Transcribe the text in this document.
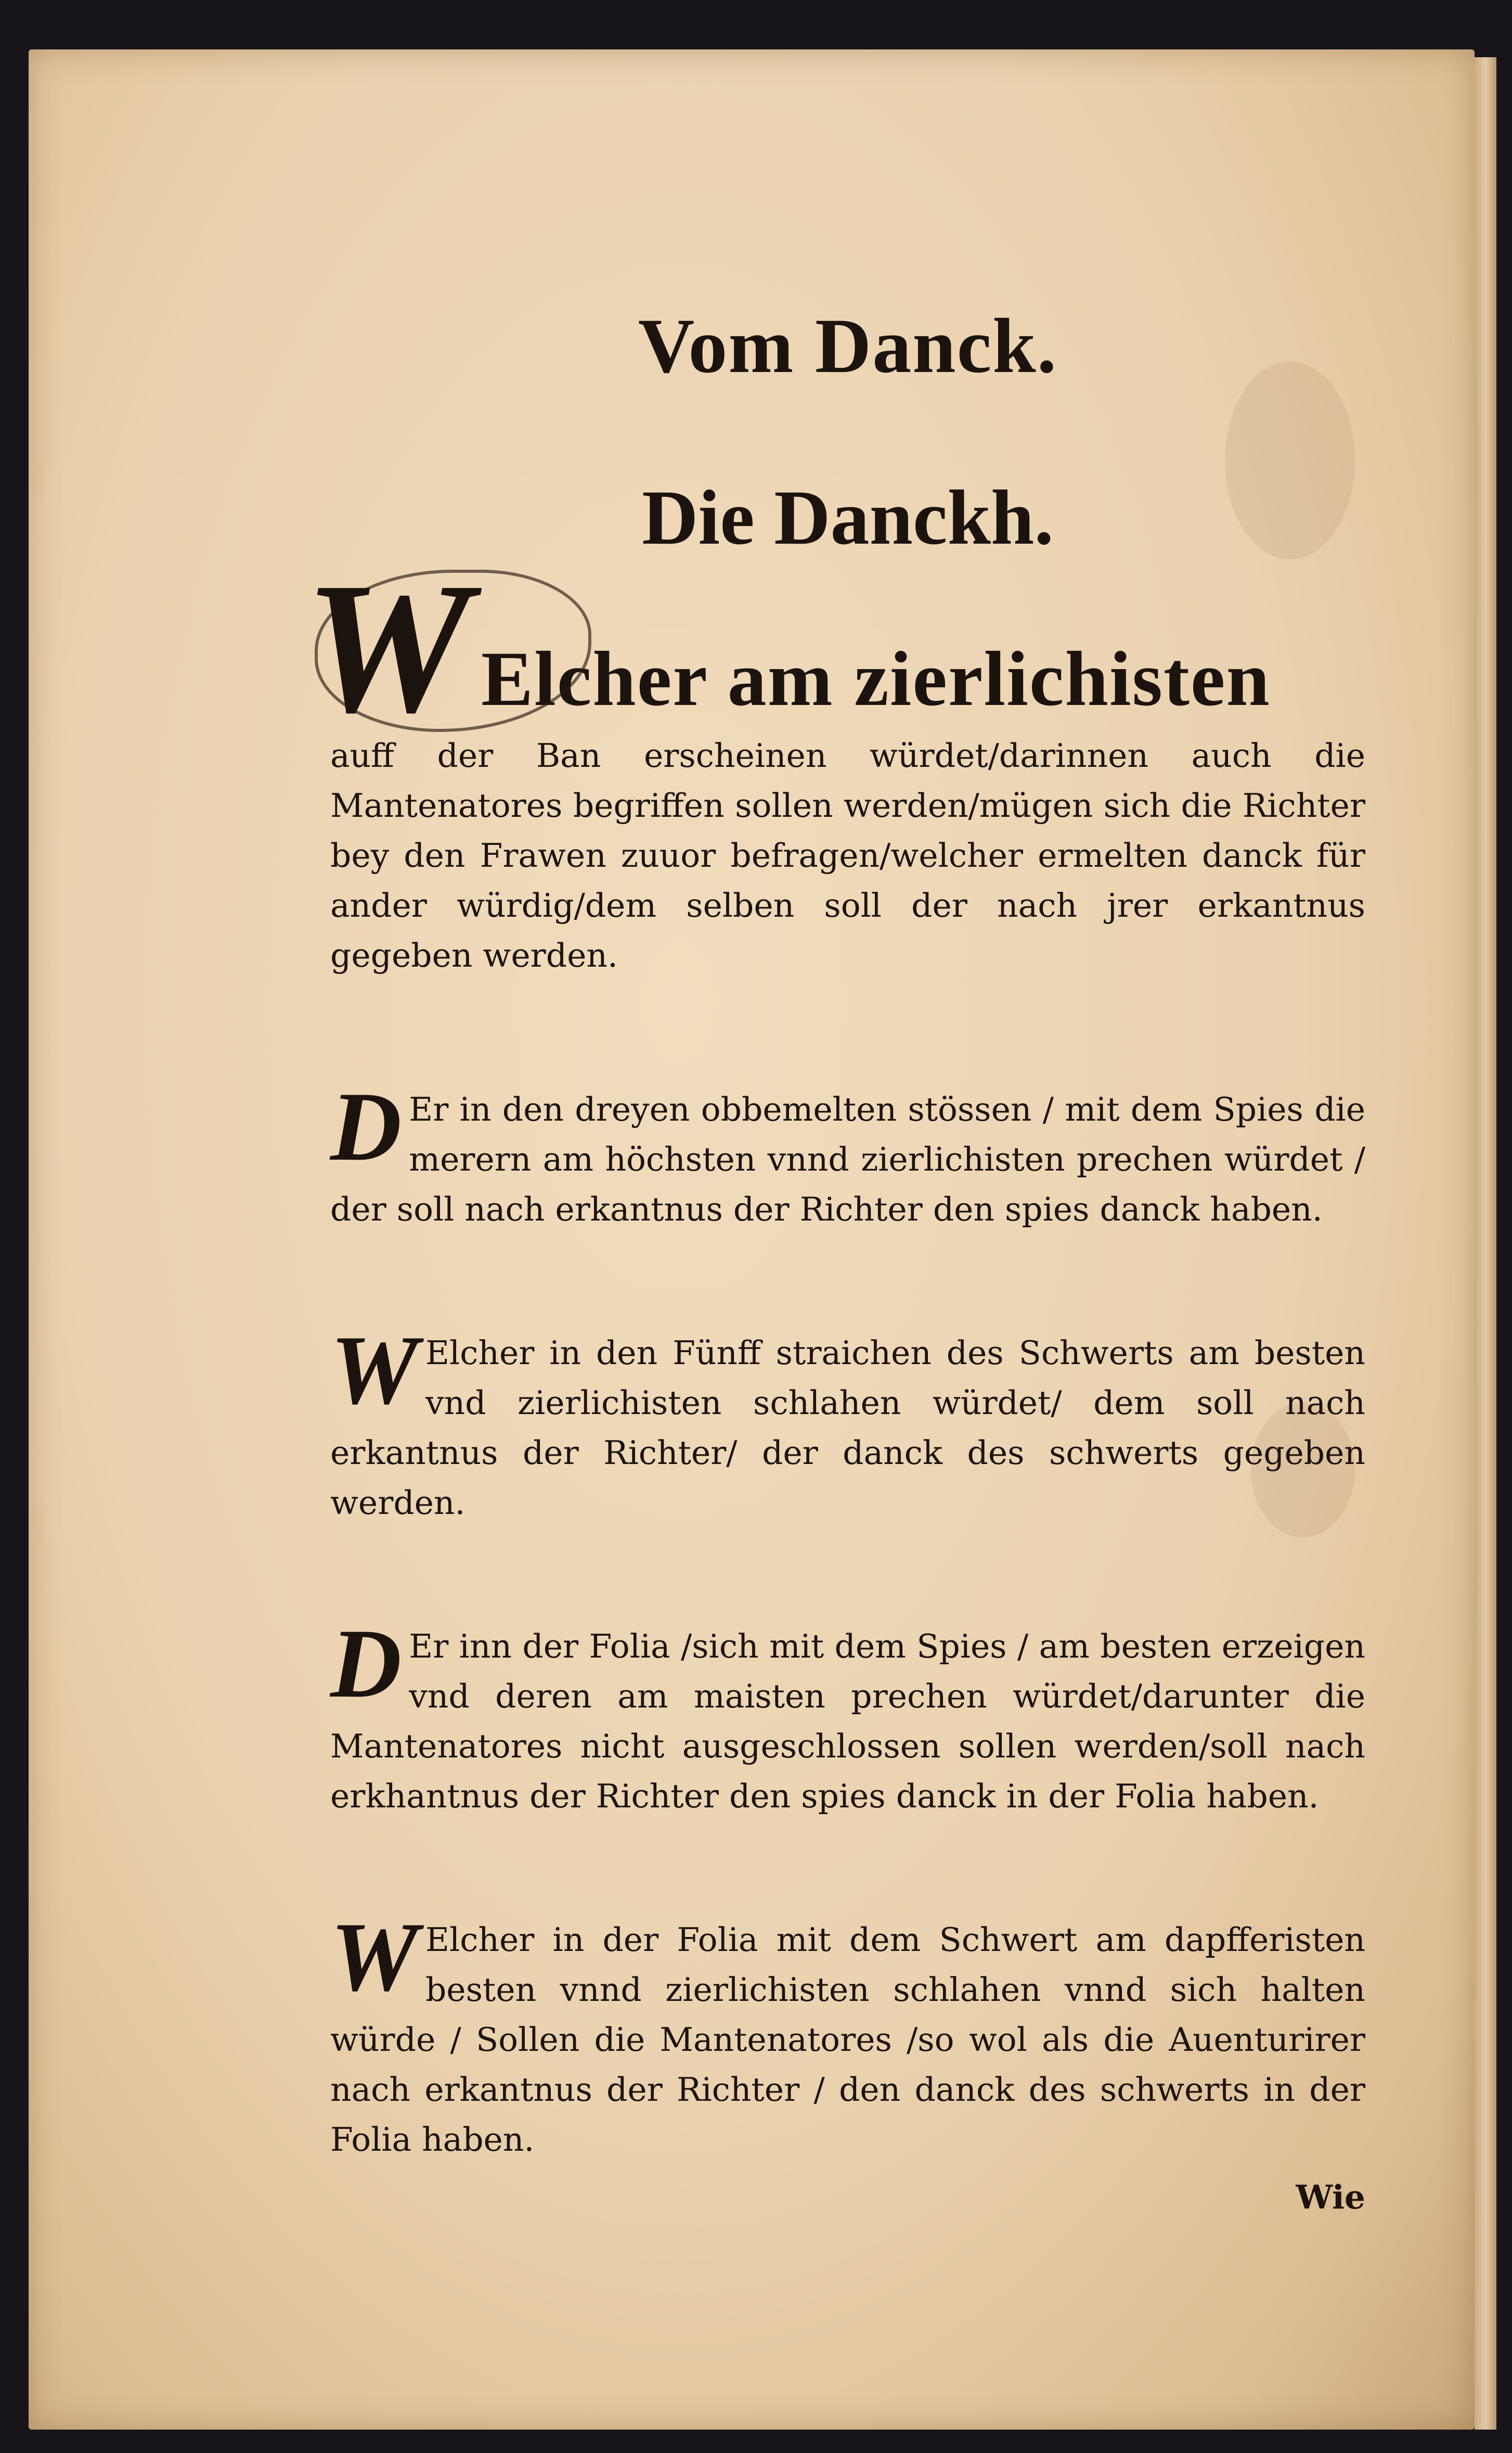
Vom Danck.
Die Danckh.
W Elcher am zierlichisten
auff der Ban erscheinen würdet/darinnen auch die Mantenatores begriffen sollen werden/mügen sich die Richter bey den Frawen zuuor befragen/welcher ermelten danck für ander würdig/dem selben soll der nach jrer erkantnus gegeben werden.
D Er in den dreyen obbemelten stössen / mit dem Spies die merern am höchsten vnnd zierlichisten prechen würdet / der soll nach erkantnus der Richter den spies danck haben.
W Elcher in den Fünff straichen des Schwerts am besten vnd zierlichisten schlahen würdet/ dem soll nach erkantnus der Richter/ der danck des schwerts gegeben werden.
D Er inn der Folia /sich mit dem Spies / am besten erzeigen vnd deren am maisten prechen würdet/darunter die Mantenatores nicht ausgeschlossen sollen werden/soll nach erkhantnus der Richter den spies danck in der Folia haben.
W Elcher in der Folia mit dem Schwert am dapfferisten besten vnnd zierlichisten schlahen vnnd sich halten würde / Sollen die Mantenatores /so wol als die Auenturirer nach erkantnus der Richter / den danck des schwerts in der Folia haben.
Wie
